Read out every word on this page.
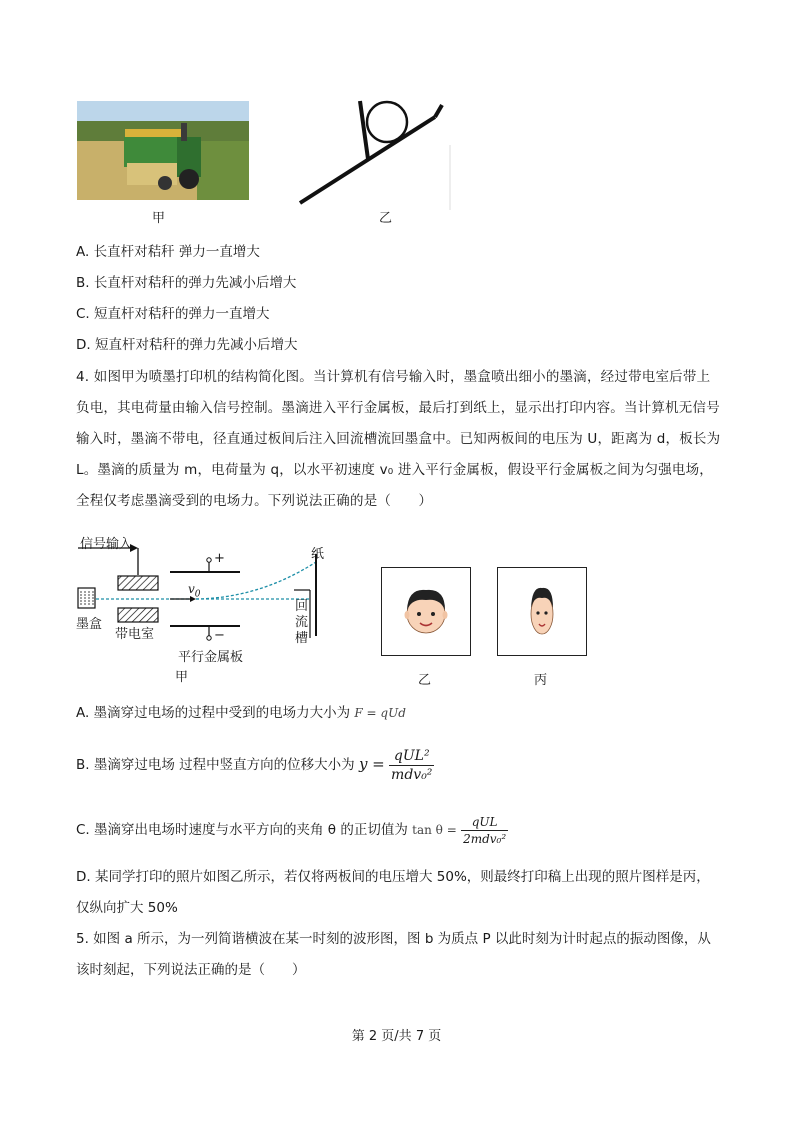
甲	乙
A. 长直杆对秸秆 弹力一直增大
B. 长直杆对秸秆的弹力先减小后增大
C. 短直杆对秸秆的弹力一直增大
D. 短直杆对秸秆的弹力先减小后增大
4. 如图甲为喷墨打印机的结构简化图。当计算机有信号输入时，墨盒喷出细小的墨滴，经过带电室后带上负电，其电荷量由输入信号控制。墨滴进入平行金属板，最后打到纸上，显示出打印内容。当计算机无信号输入时，墨滴不带电，径直通过板间后注入回流槽流回墨盒中。已知两板间的电压为 U，距离为 d，板长为 L。墨滴的质量为 m，电荷量为 q，以水平初速度 v₀ 进入平行金属板，假设平行金属板之间为匀强电场，全程仅考虑墨滴受到的电场力。下列说法正确的是（　　）
信号输入
墨盒
带电室
$v_0$
+
−
纸
回
流
槽
平行金属板
甲	乙	丙
A. 墨滴穿过电场的过程中受到的电场力大小为 F = qUd
B. 墨滴穿过电场 过程中竖直方向的位移大小为 $y = \frac{\text{qUL²}}{\text{mdv₀²}}$
C. 墨滴穿出电场时速度与水平方向的夹角 θ 的正切值为 $\tan \theta = \frac{\text{qUL}}{\text{2mdv₀²}}$
D. 某同学打印的照片如图乙所示，若仅将两板间的电压增大 50%，则最终打印稿上出现的照片图样是丙，
仅纵向扩大 50%
5. 如图 a 所示，为一列简谐横波在某一时刻的波形图，图 b 为质点 P 以此时刻为计时起点的振动图像，从
该时刻起，下列说法正确的是（　　）
第 2 页/共 7 页
